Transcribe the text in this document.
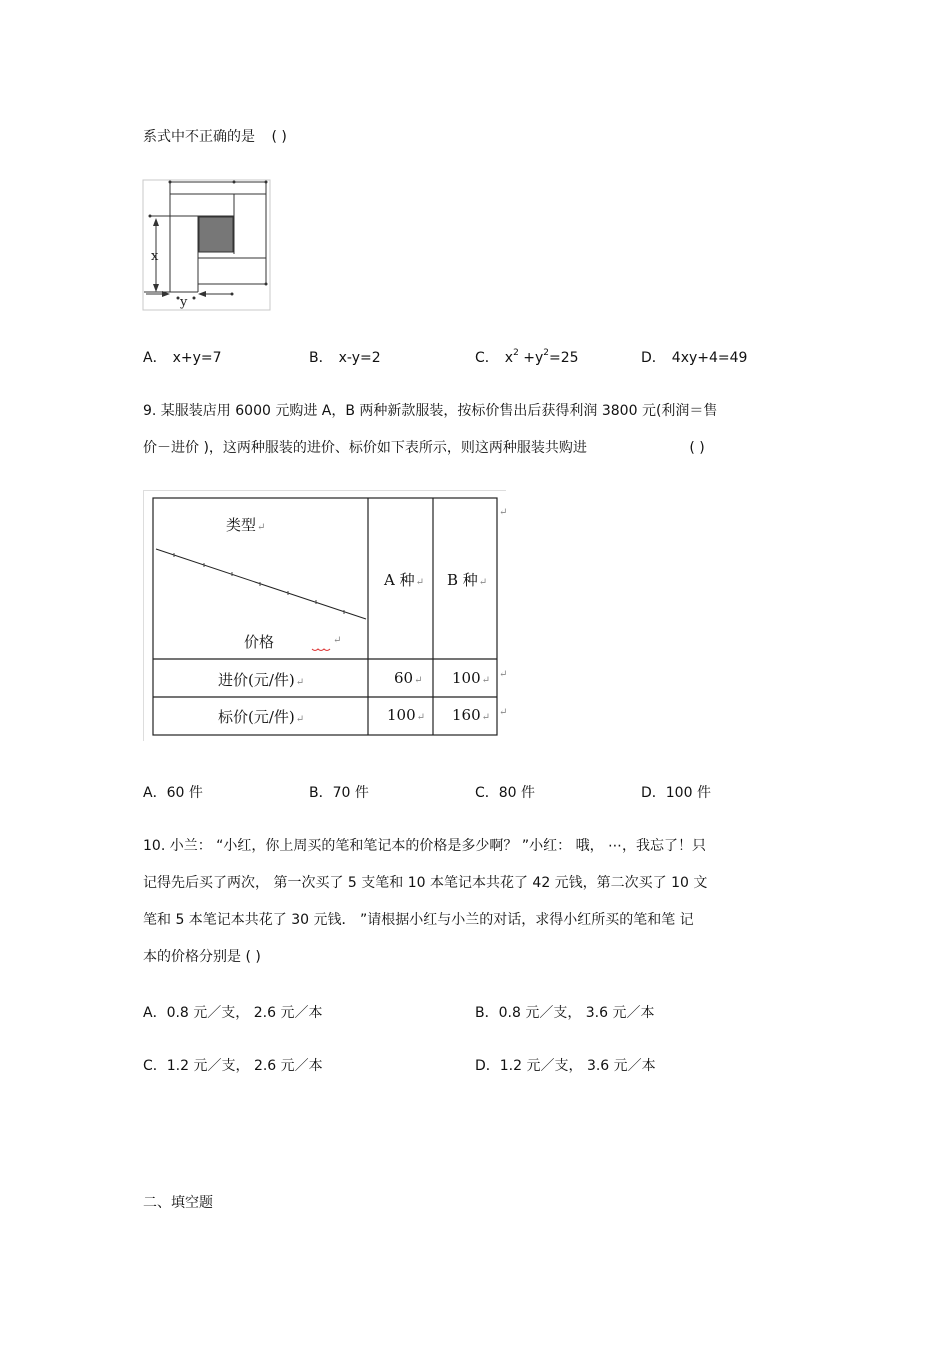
系式中不正确的是 ( )
x
y
A． x+y=7	B． x-y=2	C． $x^2 +y^2=25$	D． 4xy+4=49
9. 某服装店用 6000 元购进 A，B 两种新款服装，按标价售出后获得利润 3800 元(利润＝售
价－进价 )，这两种服装的进价、标价如下表所示，则这两种服装共购进	( )
类型↵
价格	↵
A 种↵ B 种↵
进价(元/件)↵	60↵ 100↵
标价(元/件)↵	100↵ 160↵
↵
↵
↵
A．60 件	B．70 件	C．80 件	D．100 件
10. 小兰： “小红，你上周买的笔和笔记本的价格是多少啊？ ”小红： 哦， ⋯，我忘了！只
记得先后买了两次， 第一次买了 5 支笔和 10 本笔记本共花了 42 元钱，第二次买了 10 文
笔和 5 本笔记本共花了 30 元钱． ”请根据小红与小兰的对话，求得小红所买的笔和笔 记
本的价格分别是 ( )
A．0.8 元／支， 2.6 元／本	B．0.8 元／支， 3.6 元／本
C．1.2 元／支， 2.6 元／本	D．1.2 元／支， 3.6 元／本
二、填空题
